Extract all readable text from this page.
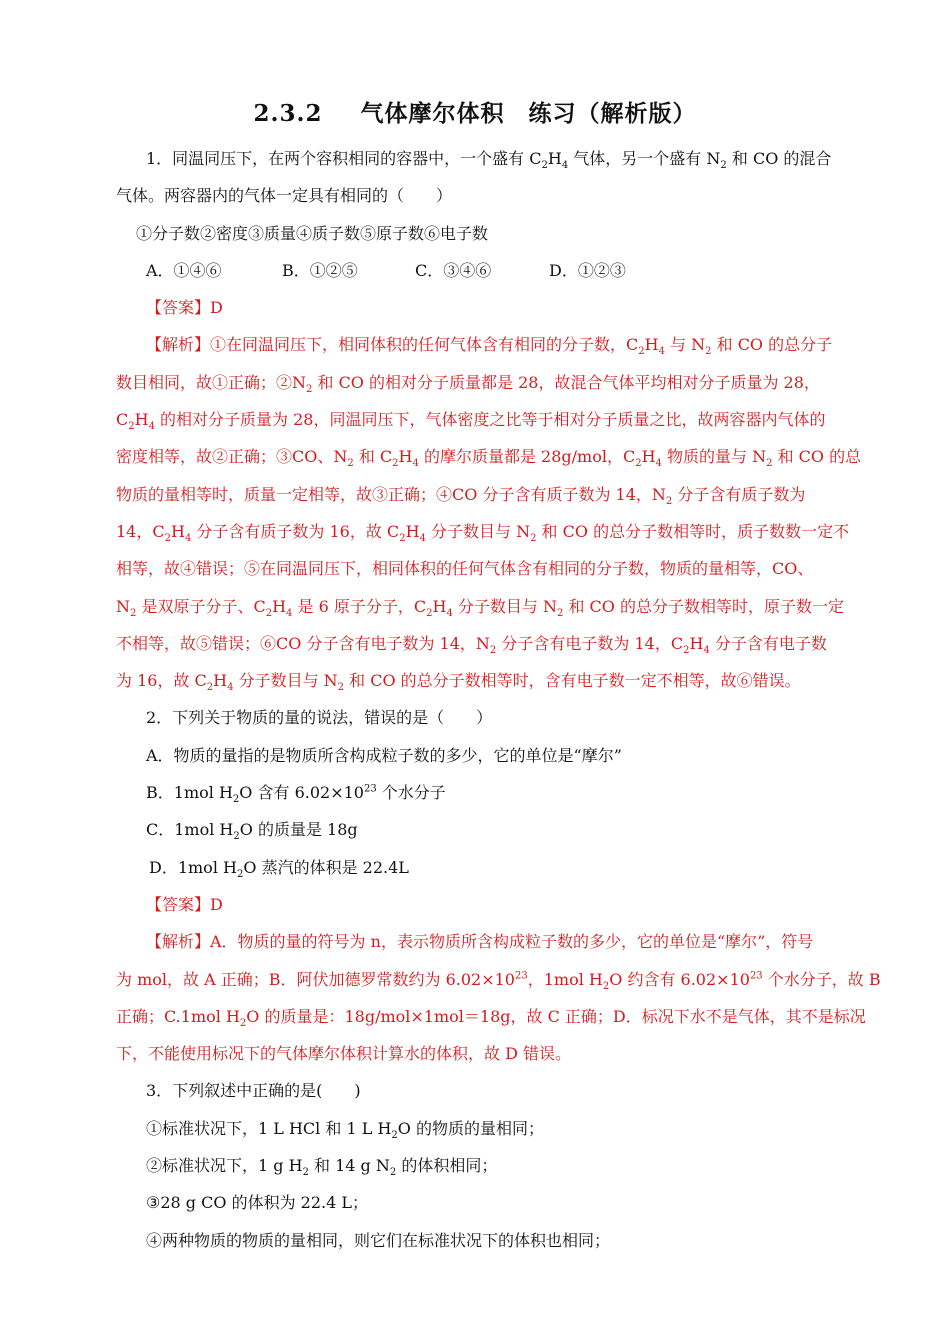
2.3.2 气体摩尔体积　练习（解析版）
1．同温同压下，在两个容积相同的容器中，一个盛有 $C_2H_4$ 气体，另一个盛有 $N_2$ 和 CO 的混合
气体。两容器内的气体一定具有相同的（　　）
①分子数②密度③质量④质子数⑤原子数⑥电子数
A．①④⑥	B．①②⑤	C．③④⑥	D．①②③
【答案】D
【解析】①在同温同压下，相同体积的任何气体含有相同的分子数，$C_2H_4$ 与 $N_2$ 和 CO 的总分子
数目相同，故①正确；$②N_2$ 和 CO 的相对分子质量都是 28，故混合气体平均相对分子质量为 28，
$C_2H_4$ 的相对分子质量为 28，同温同压下，气体密度之比等于相对分子质量之比，故两容器内气体的
密度相等，故②正确；③CO、$N_2$ 和 $C_2H_4$ 的摩尔质量都是 28g/mol，$C_2H_4$ 物质的量与 $N_2$ 和 CO 的总
物质的量相等时，质量一定相等，故③正确；④CO 分子含有质子数为 14，$N_2$ 分子含有质子数为
14，$C_2H_4$ 分子含有质子数为 16，故 $C_2H_4$ 分子数目与 $N_2$ 和 CO 的总分子数相等时，质子数数一定不
相等，故④错误；⑤在同温同压下，相同体积的任何气体含有相同的分子数，物质的量相等，CO、
$N_2$ 是双原子分子、$C_2H_4$ 是 6 原子分子，$C_2H_4$ 分子数目与 $N_2$ 和 CO 的总分子数相等时，原子数一定
不相等，故⑤错误；⑥CO 分子含有电子数为 14，$N_2$ 分子含有电子数为 14，$C_2H_4$ 分子含有电子数
为 16，故 $C_2H_4$ 分子数目与 $N_2$ 和 CO 的总分子数相等时，含有电子数一定不相等，故⑥错误。
2．下列关于物质的量的说法，错误的是（　　）
A．物质的量指的是物质所含构成粒子数的多少，它的单位是“摩尔”
B．1mol $H_2O$ 含有 $6.02\times 10^{23}$ 个水分子
C．1mol $H_2O$ 的质量是 18g
D．1mol $H_2O$ 蒸汽的体积是 22.4L
【答案】D
【解析】A．物质的量的符号为 n，表示物质所含构成粒子数的多少，它的单位是“摩尔”，符号
为 mol，故 A 正确；B．阿伏加德罗常数约为 $6.02\times 10^{23}$，1mol $H_2O$ 约含有 $6.02\times 10^{23}$ 个水分子，故 B
正确；C.1mol $H_2O$ 的质量是：18g/mol×1mol＝18g，故 C 正确；D．标况下水不是气体，其不是标况
下，不能使用标况下的气体摩尔体积计算水的体积，故 D 错误。
3．下列叙述中正确的是(　　)
①标准状况下，1 L HCl 和 1 L $H_2O$ 的物质的量相同；
②标准状况下，1 g $H_2$ 和 14 g $N_2$ 的体积相同；
③28 g CO 的体积为 22.4 L；
④两种物质的物质的量相同，则它们在标准状况下的体积也相同；
